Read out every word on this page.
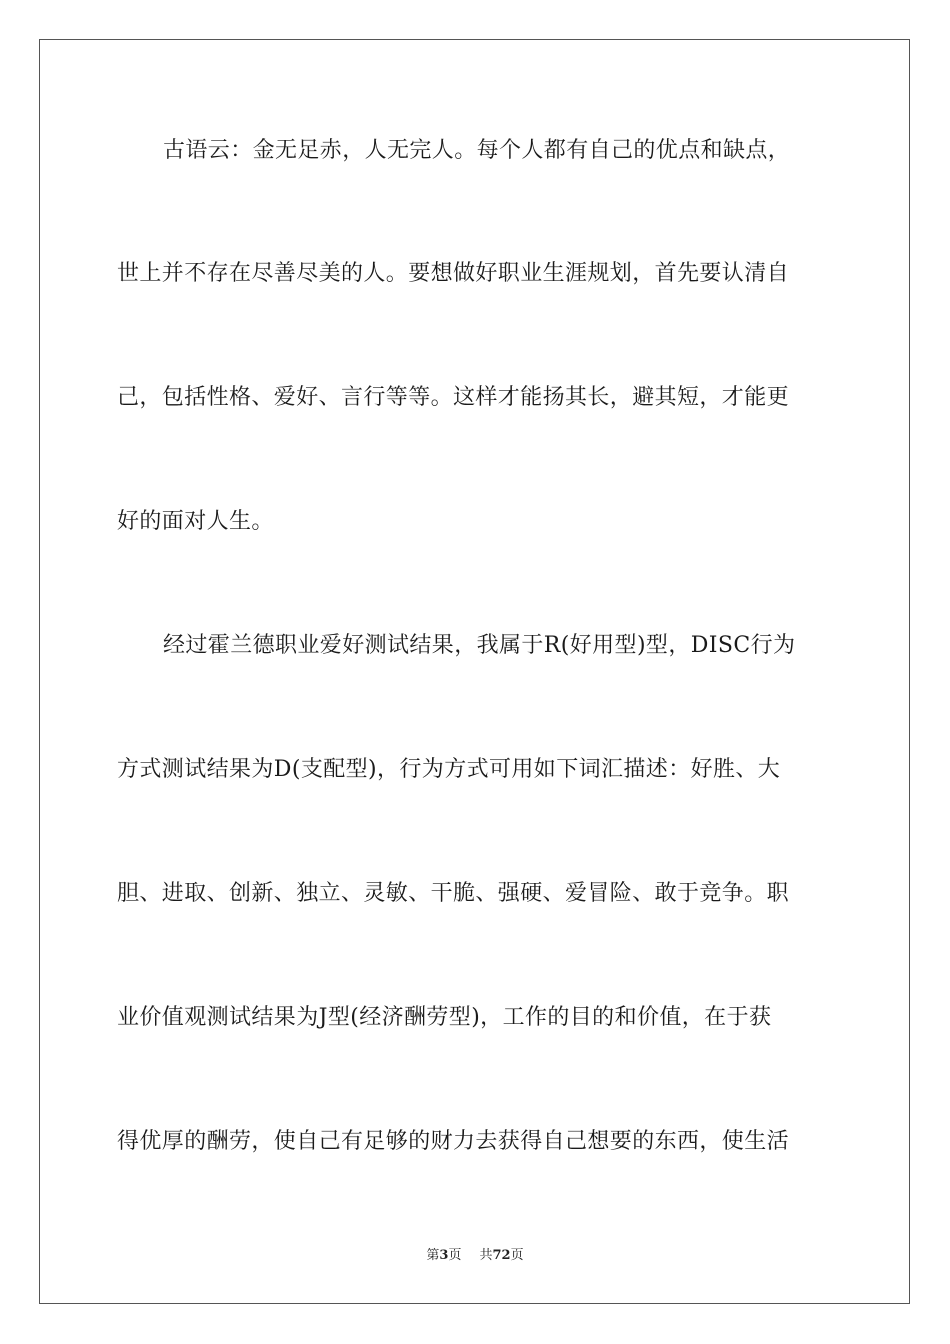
古语云：金无足赤，人无完人。每个人都有自己的优点和缺点，
世上并不存在尽善尽美的人。要想做好职业生涯规划，首先要认清自
己，包括性格、爱好、言行等等。这样才能扬其长，避其短，才能更
好的面对人生。
经过霍兰德职业爱好测试结果，我属于R(好用型)型，DISC行为
方式测试结果为D(支配型)，行为方式可用如下词汇描述：好胜、大
胆、进取、创新、独立、灵敏、干脆、强硬、爱冒险、敢于竞争。职
业价值观测试结果为J型(经济酬劳型)，工作的目的和价值，在于获
得优厚的酬劳，使自己有足够的财力去获得自己想要的东西，使生活
第3页 共72页
